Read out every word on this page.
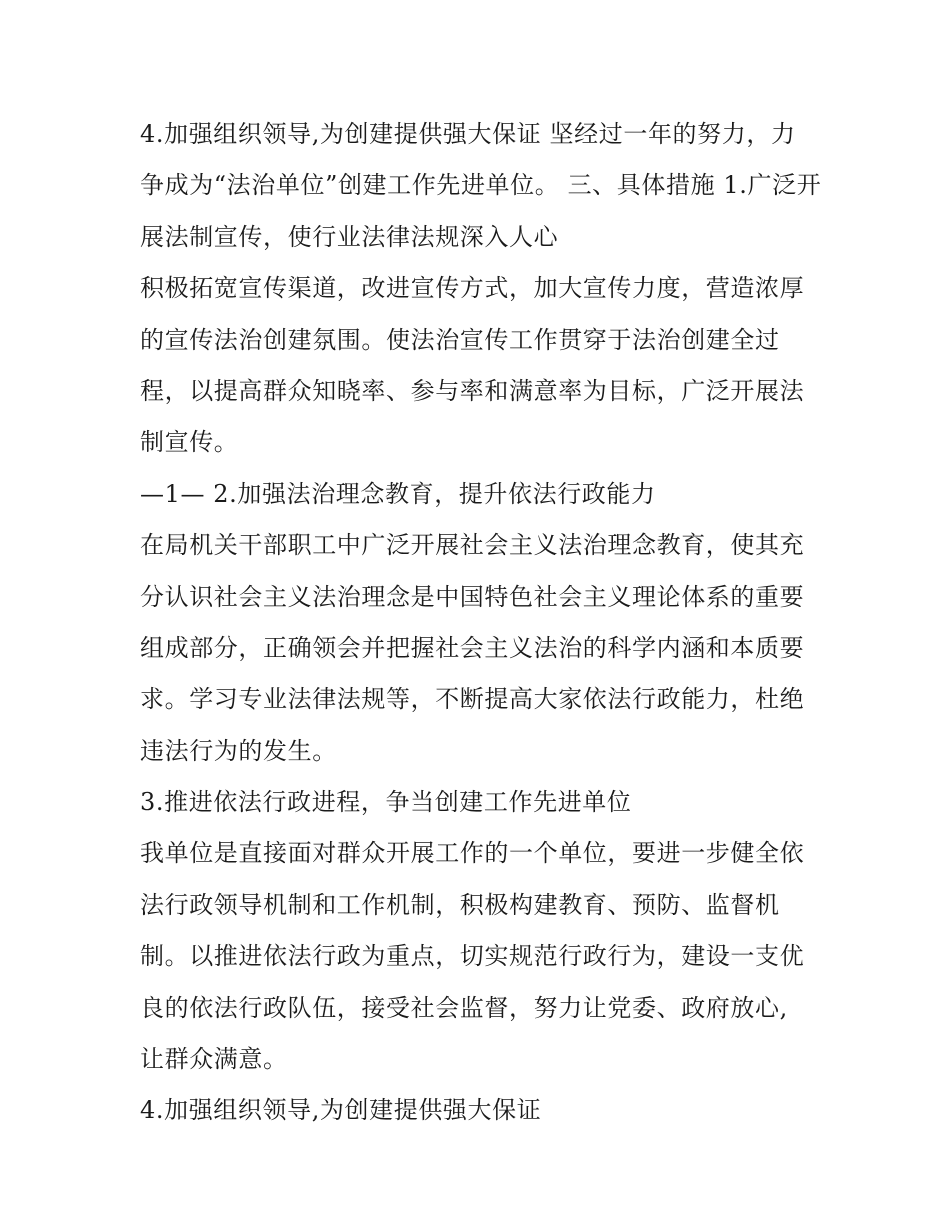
4.加强组织领导,为创建提供强大保证 坚经过一年的努力，力
争成为“法治单位”创建工作先进单位。 三、具体措施 1.广泛开
展法制宣传，使行业法律法规深入人心
积极拓宽宣传渠道，改进宣传方式，加大宣传力度，营造浓厚
的宣传法治创建氛围。使法治宣传工作贯穿于法治创建全过
程，以提高群众知晓率、参与率和满意率为目标，广泛开展法
制宣传。
—1— 2.加强法治理念教育，提升依法行政能力
在局机关干部职工中广泛开展社会主义法治理念教育，使其充
分认识社会主义法治理念是中国特色社会主义理论体系的重要
组成部分，正确领会并把握社会主义法治的科学内涵和本质要
求。学习专业法律法规等，不断提高大家依法行政能力，杜绝
违法行为的发生。
3.推进依法行政进程，争当创建工作先进单位
我单位是直接面对群众开展工作的一个单位，要进一步健全依
法行政领导机制和工作机制，积极构建教育、预防、监督机
制。以推进依法行政为重点，切实规范行政行为，建设一支优
良的依法行政队伍，接受社会监督，努力让党委、政府放心,
让群众满意。
4.加强组织领导,为创建提供强大保证
